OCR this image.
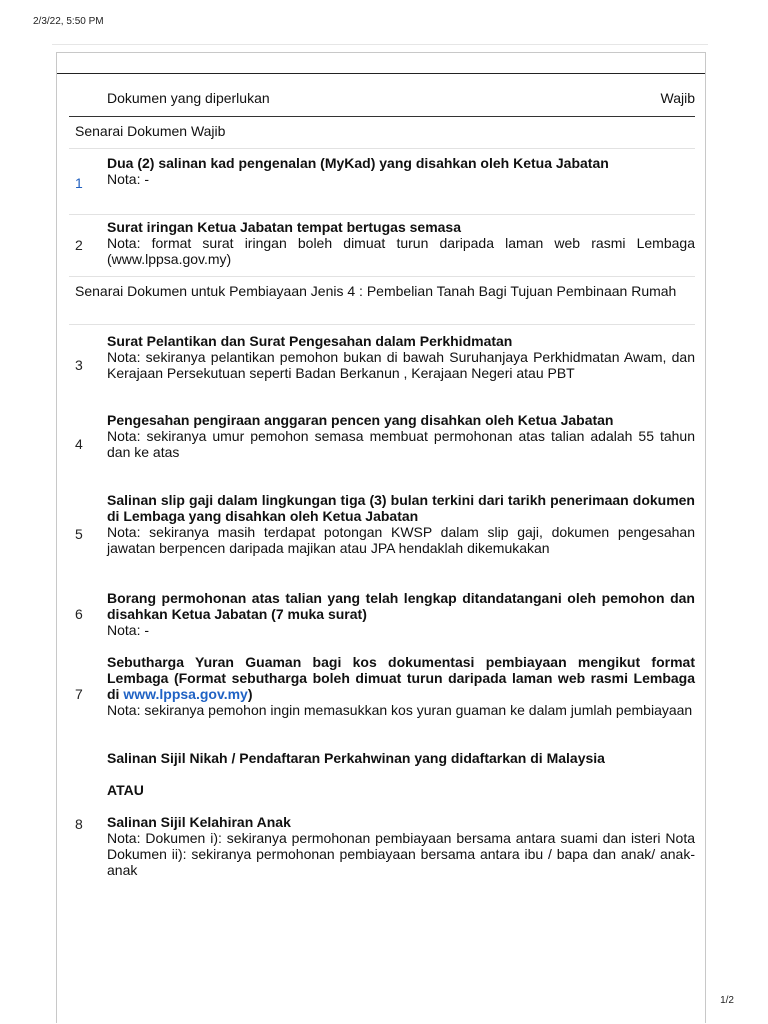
2/3/22, 5:50 PM
Dokumen yang diperlukan	Wajib
Senarai Dokumen Wajib
1
Dua (2) salinan kad pengenalan (MyKad) yang disahkan oleh Ketua Jabatan
Nota: -
2
Surat iringan Ketua Jabatan tempat bertugas semasa
Nota: format surat iringan boleh dimuat turun daripada laman web rasmi Lembaga (www.lppsa.gov.my)
Senarai Dokumen untuk Pembiayaan Jenis 4 : Pembelian Tanah Bagi Tujuan Pembinaan Rumah
3
Surat Pelantikan dan Surat Pengesahan dalam Perkhidmatan
Nota: sekiranya pelantikan pemohon bukan di bawah Suruhanjaya Perkhidmatan Awam, dan Kerajaan Persekutuan seperti Badan Berkanun , Kerajaan Negeri atau PBT
4
Pengesahan pengiraan anggaran pencen yang disahkan oleh Ketua Jabatan
Nota: sekiranya umur pemohon semasa membuat permohonan atas talian adalah 55 tahun dan ke atas
5
Salinan slip gaji dalam lingkungan tiga (3) bulan terkini dari tarikh penerimaan dokumen di Lembaga yang disahkan oleh Ketua Jabatan
Nota: sekiranya masih terdapat potongan KWSP dalam slip gaji, dokumen pengesahan jawatan berpencen daripada majikan atau JPA hendaklah dikemukakan
6
Borang permohonan atas talian yang telah lengkap ditandatangani oleh pemohon dan disahkan Ketua Jabatan (7 muka surat)
Nota: -
7
Sebutharga Yuran Guaman bagi kos dokumentasi pembiayaan mengikut format Lembaga (Format sebutharga boleh dimuat turun daripada laman web rasmi Lembaga di www.lppsa.gov.my)
Nota: sekiranya pemohon ingin memasukkan kos yuran guaman ke dalam jumlah pembiayaan
8
Salinan Sijil Nikah / Pendaftaran Perkahwinan yang didaftarkan di Malaysia
ATAU
Salinan Sijil Kelahiran Anak
Nota: Dokumen i): sekiranya permohonan pembiayaan bersama antara suami dan isteri Nota Dokumen ii): sekiranya permohonan pembiayaan bersama antara ibu / bapa dan anak/ anak-anak
1/2
